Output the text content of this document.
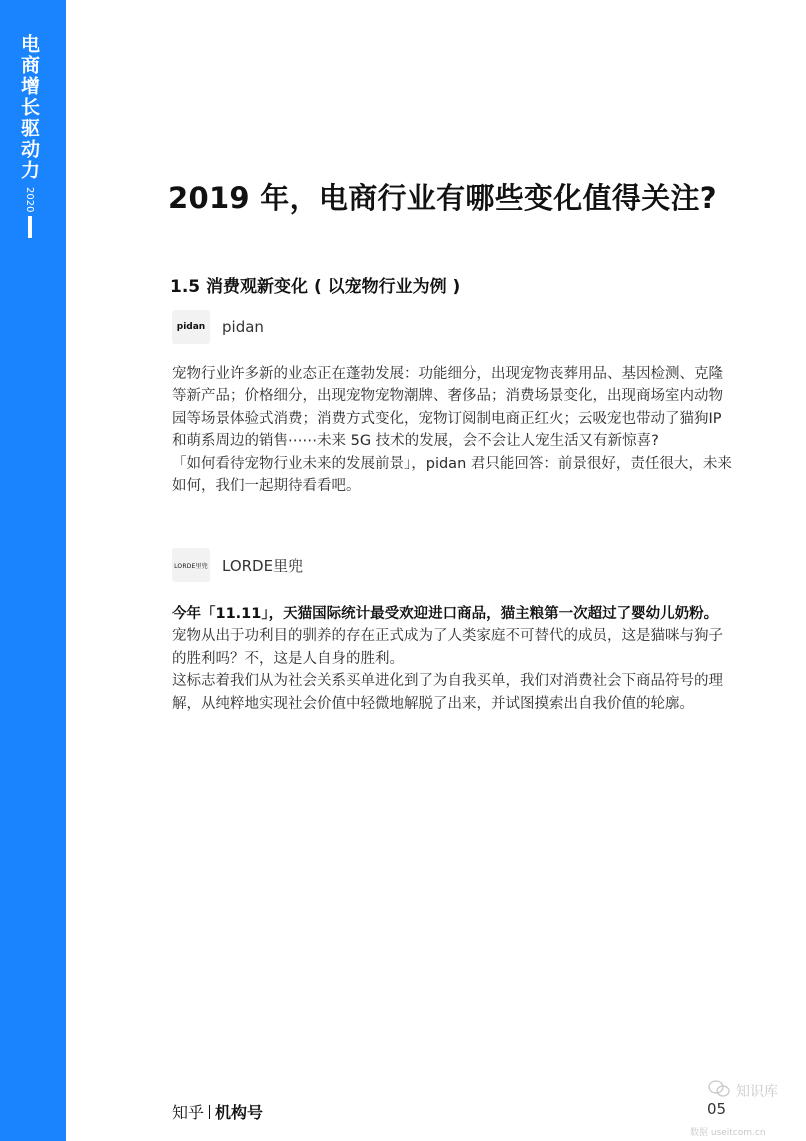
电商增长驱动力
2020	2019 年，电商行业有哪些变化值得关注?
1.5 消费观新变化 ( 以宠物行业为例 )
pidan	pidan

宠物行业许多新的业态正在蓬勃发展：功能细分，出现宠物丧葬用品、基因检测、克隆等新产品；价格细分，出现宠物宠物潮牌、奢侈品；消费场景变化，出现商场室内动物园等场景体验式消费；消费方式变化，宠物订阅制电商正红火；云吸宠也带动了猫狗IP和萌系周边的销售⋯⋯未来 5G 技术的发展，会不会让人宠生活又有新惊喜?

「如何看待宠物行业未来的发展前景」，pidan 君只能回答：前景很好，责任很大，未来如何，我们一起期待看看吧。

LORDE里兜 LORDE里兜

今年「11.11」，天猫国际统计最受欢迎进口商品，猫主粮第一次超过了婴幼儿奶粉。

宠物从出于功利目的驯养的存在正式成为了人类家庭不可替代的成员，这是猫咪与狗子的胜利吗？不，这是人自身的胜利。

这标志着我们从为社会关系买单进化到了为自我买单，我们对消费社会下商品符号的理解，从纯粹地实现社会价值中轻微地解脱了出来，并试图摸索出自我价值的轮廓。

知乎 机构号	05
知识库
数据 useitcom.cn
